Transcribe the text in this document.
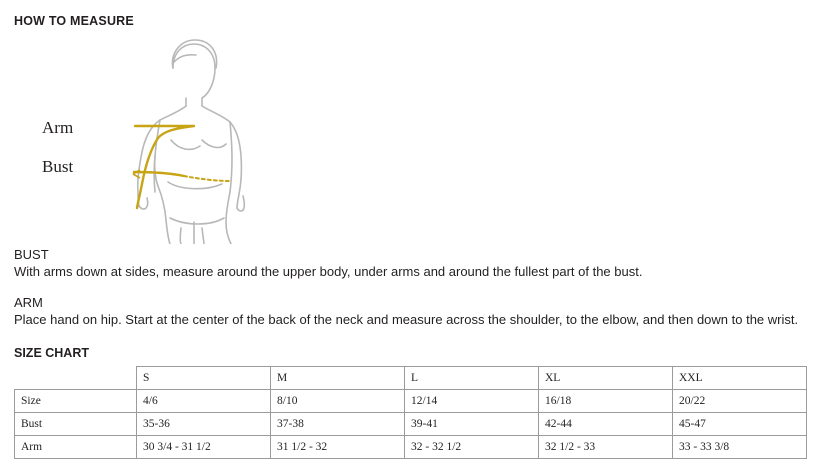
HOW TO MEASURE
Arm
Bust
BUST
With arms down at sides, measure around the upper body, under arms and around the fullest part of the bust.
ARM
Place hand on hip. Start at the center of the back of the neck and measure across the shoulder, to the elbow, and then down to the wrist.
SIZE CHART
	S	M	L	XL	XXL
Size	4/6	8/10	12/14	16/18	20/22
Bust	35-36	37-38	39-41	42-44	45-47
Arm	30 3/4 - 31 1/2	31 1/2 - 32	32 - 32 1/2	32 1/2 - 33	33 - 33 3/8
